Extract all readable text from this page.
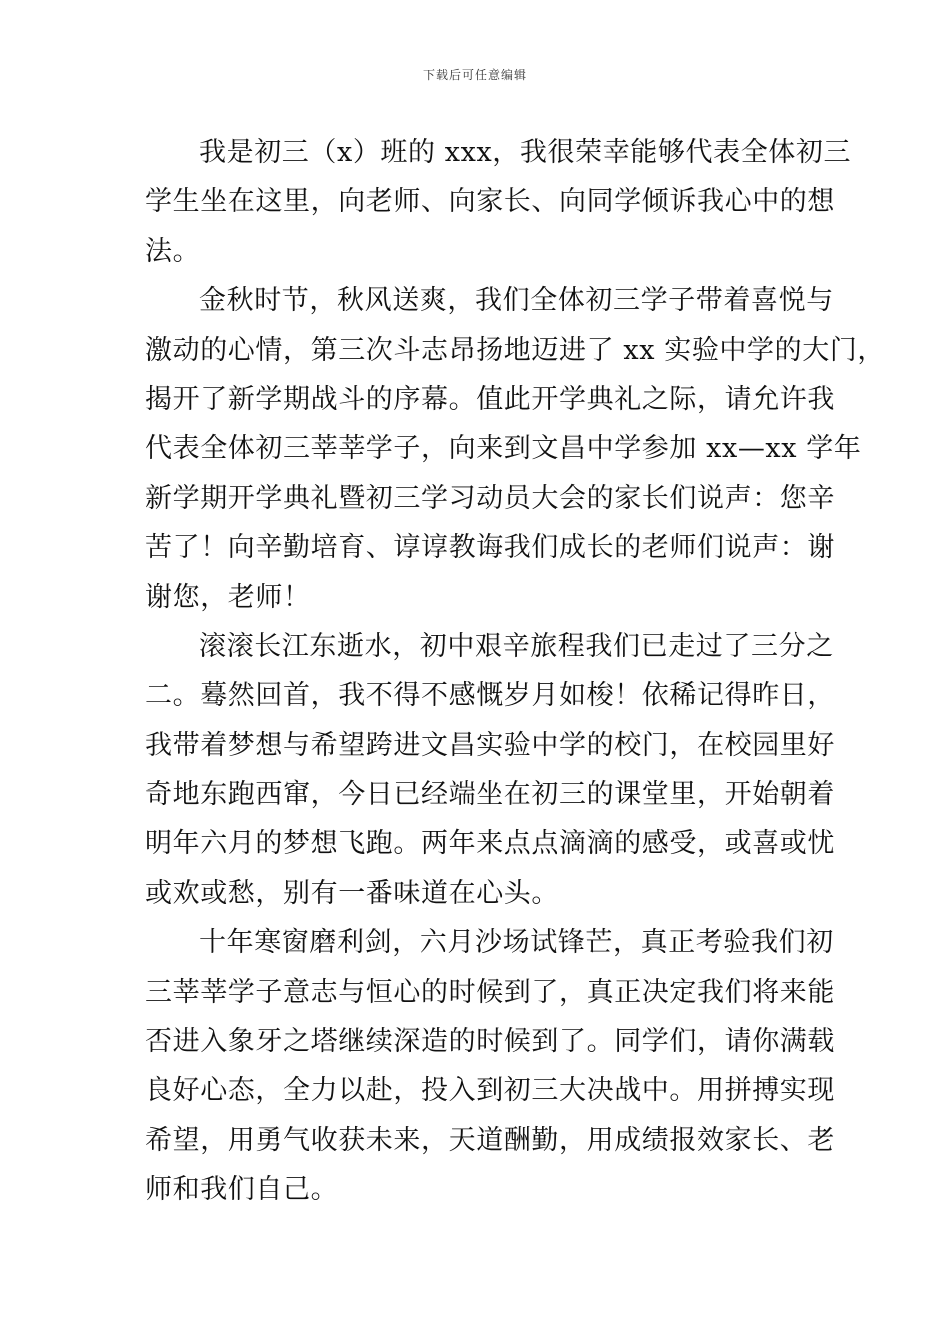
下载后可任意编辑
我是初三（x）班的 xxx，我很荣幸能够代表全体初三
学生坐在这里，向老师、向家长、向同学倾诉我心中的想
法。
金秋时节，秋风送爽，我们全体初三学子带着喜悦与
激动的心情，第三次斗志昂扬地迈进了 xx 实验中学的大门，
揭开了新学期战斗的序幕。值此开学典礼之际，请允许我
代表全体初三莘莘学子，向来到文昌中学参加 xx—xx 学年
新学期开学典礼暨初三学习动员大会的家长们说声：您辛
苦了！向辛勤培育、谆谆教诲我们成长的老师们说声：谢
谢您，老师！
滚滚长江东逝水，初中艰辛旅程我们已走过了三分之
二。蓦然回首，我不得不感慨岁月如梭！依稀记得昨日，
我带着梦想与希望跨进文昌实验中学的校门，在校园里好
奇地东跑西窜，今日已经端坐在初三的课堂里，开始朝着
明年六月的梦想飞跑。两年来点点滴滴的感受，或喜或忧
或欢或愁，别有一番味道在心头。
十年寒窗磨利剑，六月沙场试锋芒，真正考验我们初
三莘莘学子意志与恒心的时候到了，真正决定我们将来能
否进入象牙之塔继续深造的时候到了。同学们，请你满载
良好心态，全力以赴，投入到初三大决战中。用拼搏实现
希望，用勇气收获未来，天道酬勤，用成绩报效家长、老
师和我们自己。
